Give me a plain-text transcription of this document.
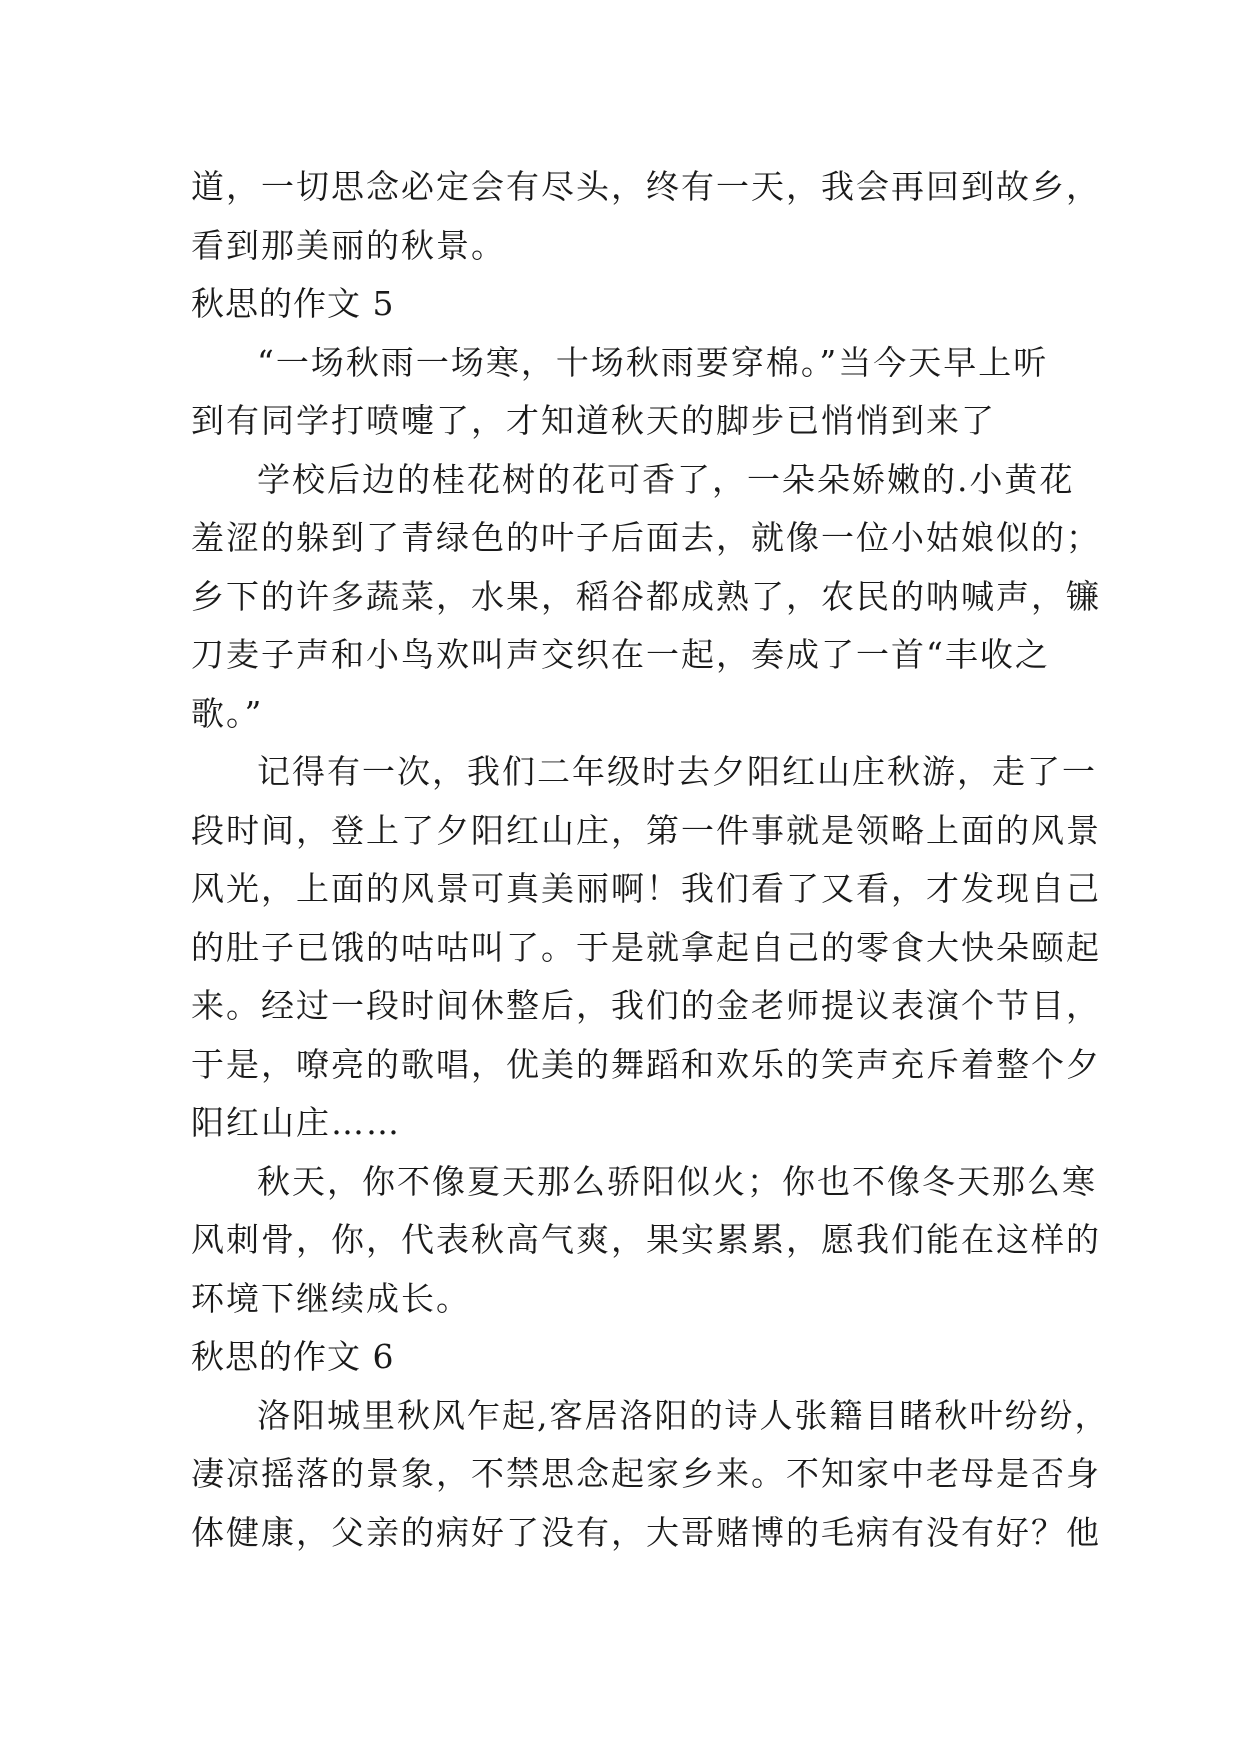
道，一切思念必定会有尽头，终有一天，我会再回到故乡，
看到那美丽的秋景。
秋思的作文 5
“一场秋雨一场寒，十场秋雨要穿棉。”当今天早上听
到有同学打喷嚏了，才知道秋天的脚步已悄悄到来了
学校后边的桂花树的花可香了，一朵朵娇嫩的.小黄花
羞涩的躲到了青绿色的叶子后面去，就像一位小姑娘似的；
乡下的许多蔬菜，水果，稻谷都成熟了，农民的呐喊声，镰
刀麦子声和小鸟欢叫声交织在一起，奏成了一首“丰收之
歌。”
记得有一次，我们二年级时去夕阳红山庄秋游，走了一
段时间，登上了夕阳红山庄，第一件事就是领略上面的风景
风光，上面的风景可真美丽啊！我们看了又看，才发现自己
的肚子已饿的咕咕叫了。于是就拿起自己的零食大快朵颐起
来。经过一段时间休整后，我们的金老师提议表演个节目，
于是，嘹亮的歌唱，优美的舞蹈和欢乐的笑声充斥着整个夕
阳红山庄……
秋天，你不像夏天那么骄阳似火；你也不像冬天那么寒
风刺骨，你，代表秋高气爽，果实累累，愿我们能在这样的
环境下继续成长。
秋思的作文 6
洛阳城里秋风乍起,客居洛阳的诗人张籍目睹秋叶纷纷，
凄凉摇落的景象，不禁思念起家乡来。不知家中老母是否身
体健康，父亲的病好了没有，大哥赌博的毛病有没有好？他
